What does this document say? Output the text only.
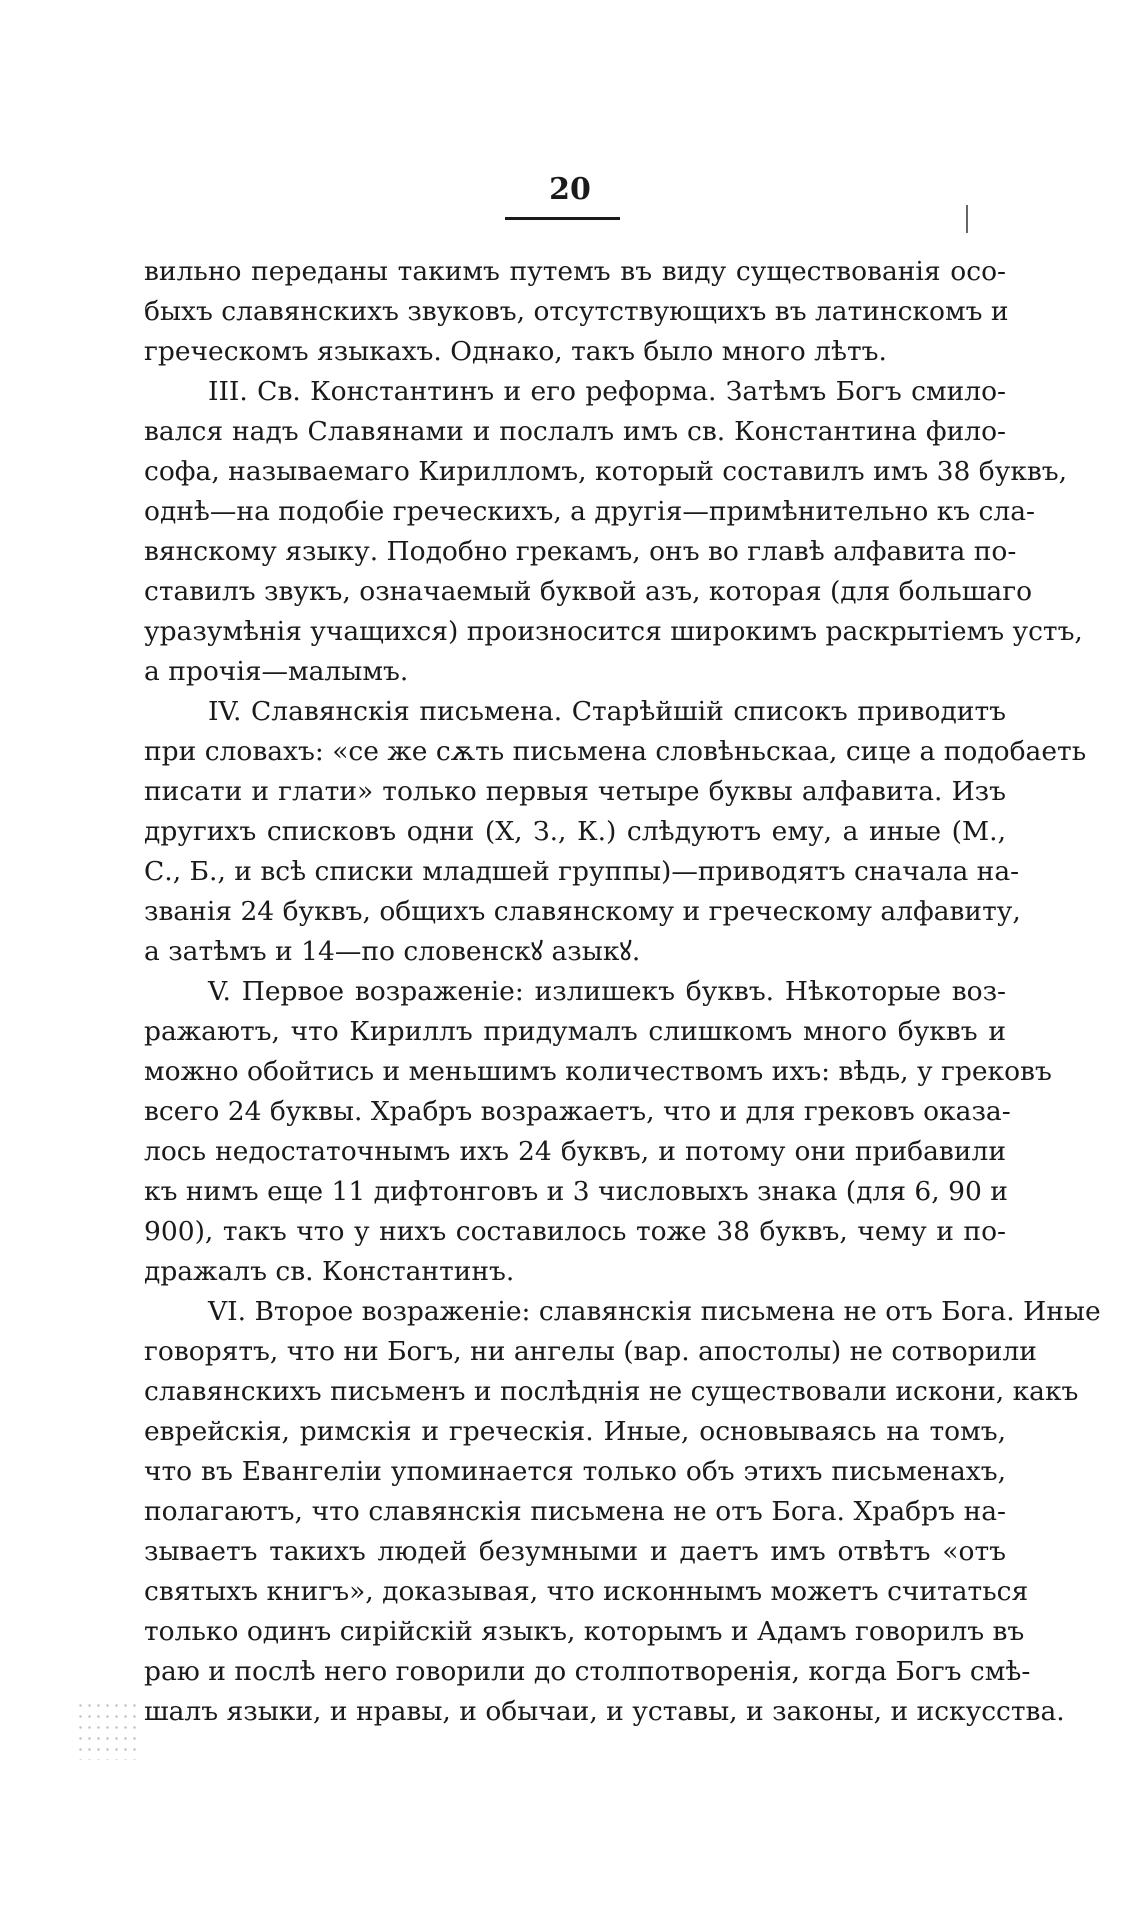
20
вильно переданы такимъ путемъ въ виду существованія осо-
быхъ славянскихъ звуковъ, отсутствующихъ въ латинскомъ и
греческомъ языкахъ. Однако, такъ было много лѣтъ.
III. Св. Константинъ и его реформа. Затѣмъ Богъ смило-
вался надъ Славянами и послалъ имъ св. Константина фило-
софа, называемаго Кирилломъ, который составилъ имъ 38 буквъ,
однѣ—на подобіе греческихъ, а другія—примѣнительно къ сла-
вянскому языку. Подобно грекамъ, онъ во главѣ алфавита по-
ставилъ звукъ, означаемый буквой азъ, которая (для большаго
уразумѣнія учащихся) произносится широкимъ раскрытіемъ устъ,
а прочія—малымъ.
IV. Славянскія письмена. Старѣйшій списокъ приводитъ
при словахъ: «се же сѫть письмена словѣньскаа, сице а подобаеть
писати и глати» только первыя четыре буквы алфавита. Изъ
другихъ списковъ одни (X, З., К.) слѣдуютъ ему, а иные (М.,
С., Б., и всѣ списки младшей группы)—приводятъ сначала на-
званія 24 буквъ, общихъ славянскому и греческому алфавиту,
а затѣмъ и 14—по словенскꙋ азыкꙋ.
V. Первое возраженіе: излишекъ буквъ. Нѣкоторые воз-
ражаютъ, что Кириллъ придумалъ слишкомъ много буквъ и
можно обойтись и меньшимъ количествомъ ихъ: вѣдь, у грековъ
всего 24 буквы. Храбръ возражаетъ, что и для грековъ оказа-
лось недостаточнымъ ихъ 24 буквъ, и потому они прибавили
къ нимъ еще 11 дифтонговъ и 3 числовыхъ знака (для 6, 90 и
900), такъ что у нихъ составилось тоже 38 буквъ, чему и по-
дражалъ св. Константинъ.
VI. Второе возраженіе: славянскія письмена не отъ Бога. Иные
говорятъ, что ни Богъ, ни ангелы (вар. апостолы) не сотворили
славянскихъ письменъ и послѣднія не существовали искони, какъ
еврейскія, римскія и греческія. Иные, основываясь на томъ,
что въ Евангеліи упоминается только объ этихъ письменахъ,
полагаютъ, что славянскія письмена не отъ Бога. Храбръ на-
зываетъ такихъ людей безумными и даетъ имъ отвѣтъ «отъ
святыхъ книгъ», доказывая, что исконнымъ можетъ считаться
только одинъ сирійскій языкъ, которымъ и Адамъ говорилъ въ
раю и послѣ него говорили до столпотворенія, когда Богъ смѣ-
шалъ языки, и нравы, и обычаи, и уставы, и законы, и искусства.
